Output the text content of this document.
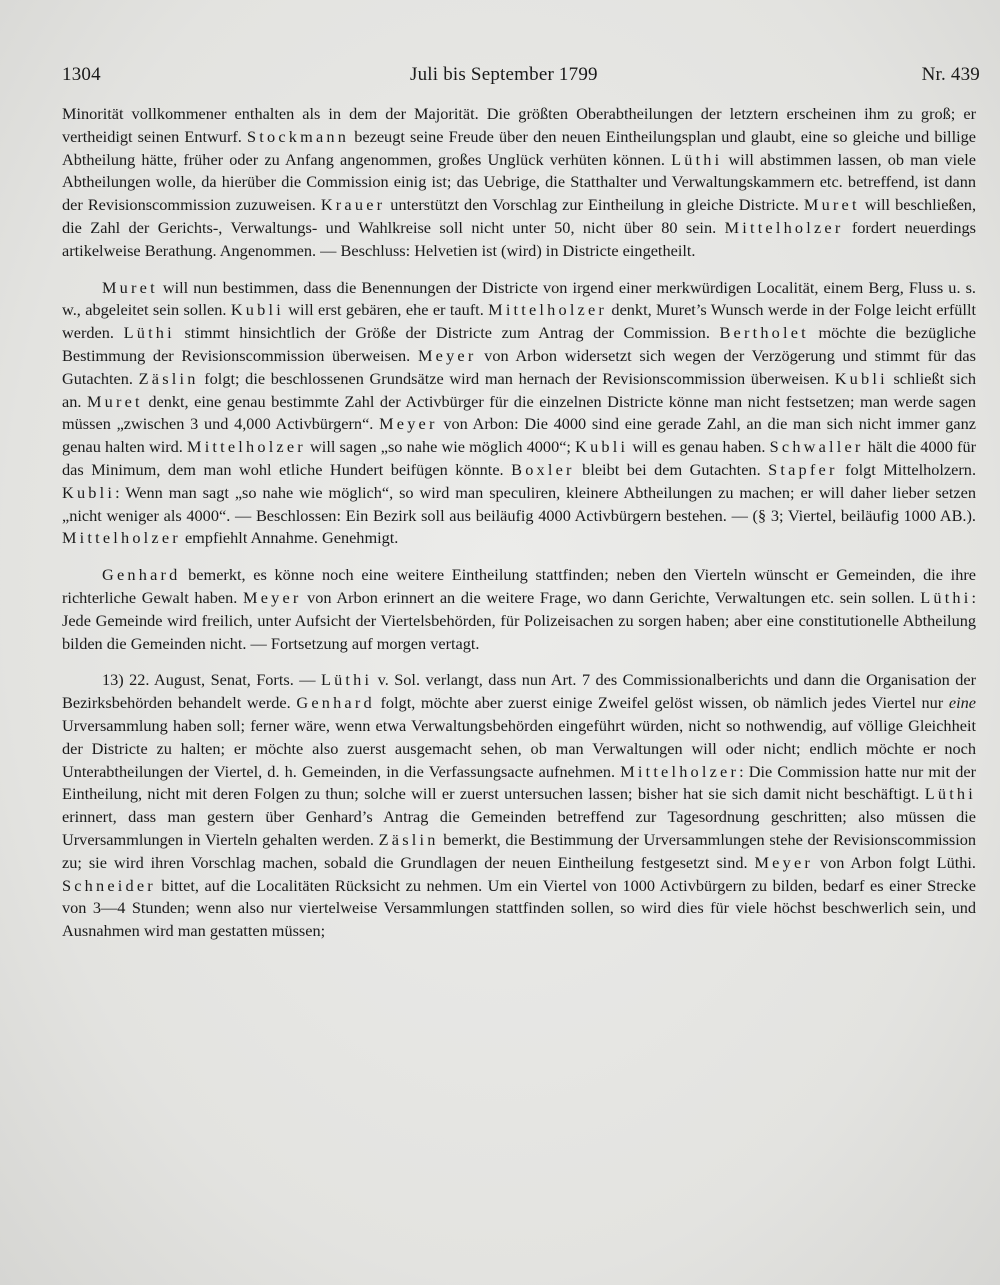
1304	Juli bis September 1799	Nr. 439

Minorität vollkommener enthalten als in dem der Majorität. Die größten Oberabtheilungen der letztern erscheinen ihm zu groß; er vertheidigt seinen Entwurf. Stockmann bezeugt seine Freude über den neuen Eintheilungsplan und glaubt, eine so gleiche und billige Abtheilung hätte, früher oder zu Anfang angenommen, großes Unglück verhüten können. Lüthi will abstimmen lassen, ob man viele Abtheilungen wolle, da hierüber die Commission einig ist; das Uebrige, die Statthalter und Verwaltungskammern etc. betreffend, ist dann der Revisionscommission zuzuweisen. Krauer unterstützt den Vorschlag zur Eintheilung in gleiche Districte. Muret will beschließen, die Zahl der Gerichts-, Verwaltungs- und Wahlkreise soll nicht unter 50, nicht über 80 sein. Mittelholzer fordert neuerdings artikelweise Berathung. Angenommen. — Beschluss: Helvetien ist (wird) in Districte eingetheilt.

Muret will nun bestimmen, dass die Benennungen der Districte von irgend einer merkwürdigen Localität, einem Berg, Fluss u. s. w., abgeleitet sein sollen. Kubli will erst gebären, ehe er tauft. Mittelholzer denkt, Muret’s Wunsch werde in der Folge leicht erfüllt werden. Lüthi stimmt hinsichtlich der Größe der Districte zum Antrag der Commission. Bertholet möchte die bezügliche Bestimmung der Revisionscommission überweisen. Meyer von Arbon widersetzt sich wegen der Verzögerung und stimmt für das Gutachten. Zäslin folgt; die beschlossenen Grundsätze wird man hernach der Revisionscommission überweisen. Kubli schließt sich an. Muret denkt, eine genau bestimmte Zahl der Activbürger für die einzelnen Districte könne man nicht festsetzen; man werde sagen müssen „zwischen 3 und 4,000 Activbürgern“. Meyer von Arbon: Die 4000 sind eine gerade Zahl, an die man sich nicht immer ganz genau halten wird. Mittelholzer will sagen „so nahe wie möglich 4000“; Kubli will es genau haben. Schwaller hält die 4000 für das Minimum, dem man wohl etliche Hundert beifügen könnte. Boxler bleibt bei dem Gutachten. Stapfer folgt Mittelholzern. Kubli: Wenn man sagt „so nahe wie möglich“, so wird man speculiren, kleinere Abtheilungen zu machen; er will daher lieber setzen „nicht weniger als 4000“. — Beschlossen: Ein Bezirk soll aus beiläufig 4000 Activbürgern bestehen. — (§ 3; Viertel, beiläufig 1000 AB.). Mittelholzer empfiehlt Annahme. Genehmigt.

Genhard bemerkt, es könne noch eine weitere Eintheilung stattfinden; neben den Vierteln wünscht er Gemeinden, die ihre richterliche Gewalt haben. Meyer von Arbon erinnert an die weitere Frage, wo dann Gerichte, Verwaltungen etc. sein sollen. Lüthi: Jede Gemeinde wird freilich, unter Aufsicht der Viertelsbehörden, für Polizeisachen zu sorgen haben; aber eine constitutionelle Abtheilung bilden die Gemeinden nicht. — Fortsetzung auf morgen vertagt.

13) 22. August, Senat, Forts. — Lüthi v. Sol. verlangt, dass nun Art. 7 des Commissionalberichts und dann die Organisation der Bezirksbehörden behandelt werde. Genhard folgt, möchte aber zuerst einige Zweifel gelöst wissen, ob nämlich jedes Viertel nur eine Urversammlung haben soll; ferner wäre, wenn etwa Verwaltungsbehörden eingeführt würden, nicht so nothwendig, auf völlige Gleichheit der Districte zu halten; er möchte also zuerst ausgemacht sehen, ob man Verwaltungen will oder nicht; endlich möchte er noch Unterabtheilungen der Viertel, d. h. Gemeinden, in die Verfassungsacte aufnehmen. Mittelholzer: Die Commission hatte nur mit der Eintheilung, nicht mit deren Folgen zu thun; solche will er zuerst untersuchen lassen; bisher hat sie sich damit nicht beschäftigt. Lüthi erinnert, dass man gestern über Genhard’s Antrag die Gemeinden betreffend zur Tagesordnung geschritten; also müssen die Urversammlungen in Vierteln gehalten werden. Zäslin bemerkt, die Bestimmung der Urversammlungen stehe der Revisionscommission zu; sie wird ihren Vorschlag machen, sobald die Grundlagen der neuen Eintheilung festgesetzt sind. Meyer von Arbon folgt Lüthi. Schneider bittet, auf die Localitäten Rücksicht zu nehmen. Um ein Viertel von 1000 Activbürgern zu bilden, bedarf es einer Strecke von 3—4 Stunden; wenn also nur viertelweise Versammlungen stattfinden sollen, so wird dies für viele höchst beschwerlich sein, und Ausnahmen wird man gestatten müssen;
